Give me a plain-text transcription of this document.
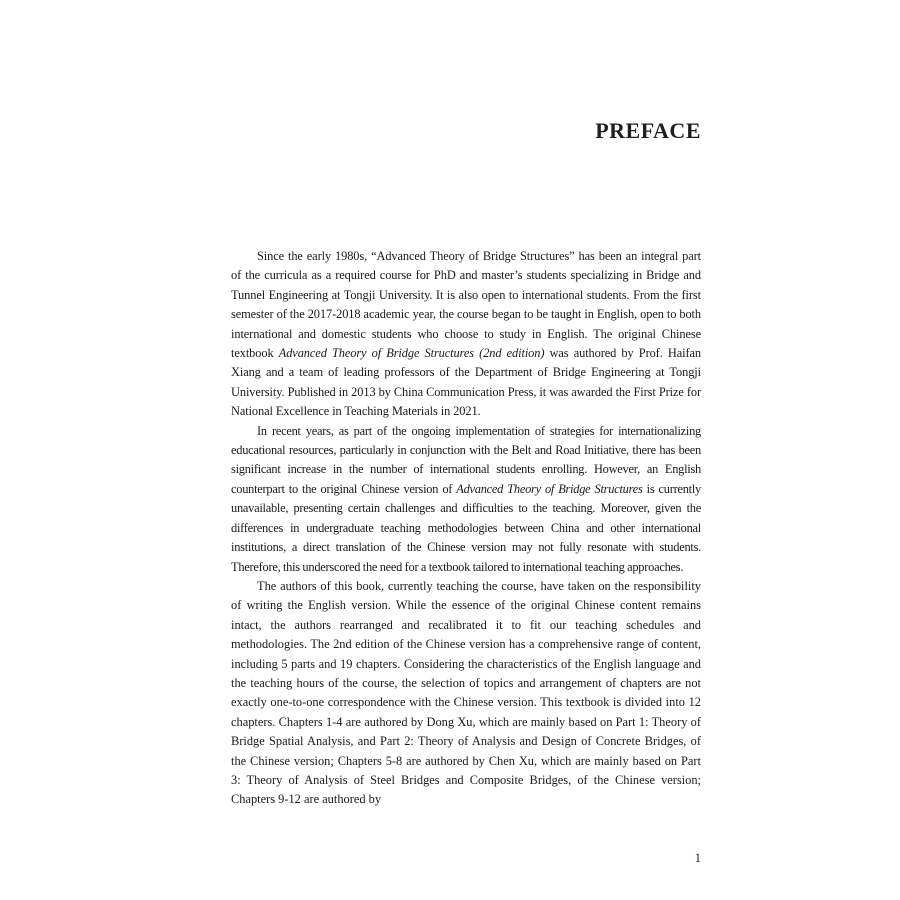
PREFACE

Since the early 1980s, “Advanced Theory of Bridge Structures” has been an integral part of the curricula as a required course for PhD and master’s students specializing in Bridge and Tunnel Engineering at Tongji University. It is also open to international students. From the first semester of the 2017-2018 academic year, the course began to be taught in English, open to both international and domestic students who choose to study in English. The original Chinese textbook Advanced Theory of Bridge Structures (2nd edition) was authored by Prof. Haifan Xiang and a team of leading professors of the Department of Bridge Engineering at Tongji University. Published in 2013 by China Communication Press, it was awarded the First Prize for National Excellence in Teaching Materials in 2021.

In recent years, as part of the ongoing implementation of strategies for internationalizing educational resources, particularly in conjunction with the Belt and Road Initiative, there has been significant increase in the number of international students enrolling. However, an English counterpart to the original Chinese version of Advanced Theory of Bridge Structures is currently unavailable, presenting certain challenges and difficulties to the teaching. Moreover, given the differences in undergraduate teaching methodologies between China and other international institutions, a direct translation of the Chinese version may not fully resonate with students. Therefore, this underscored the need for a textbook tailored to international teaching approaches.

The authors of this book, currently teaching the course, have taken on the responsibility of writing the English version. While the essence of the original Chinese content remains intact, the authors rearranged and recalibrated it to fit our teaching schedules and methodologies. The 2nd edition of the Chinese version has a comprehensive range of content, including 5 parts and 19 chapters. Considering the characteristics of the English language and the teaching hours of the course, the selection of topics and arrangement of chapters are not exactly one-to-one correspondence with the Chinese version. This textbook is divided into 12 chapters. Chapters 1-4 are authored by Dong Xu, which are mainly based on Part 1: Theory of Bridge Spatial Analysis, and Part 2: Theory of Analysis and Design of Concrete Bridges, of the Chinese version; Chapters 5-8 are authored by Chen Xu, which are mainly based on Part 3: Theory of Analysis of Steel Bridges and Composite Bridges, of the Chinese version; Chapters 9-12 are authored by

1
